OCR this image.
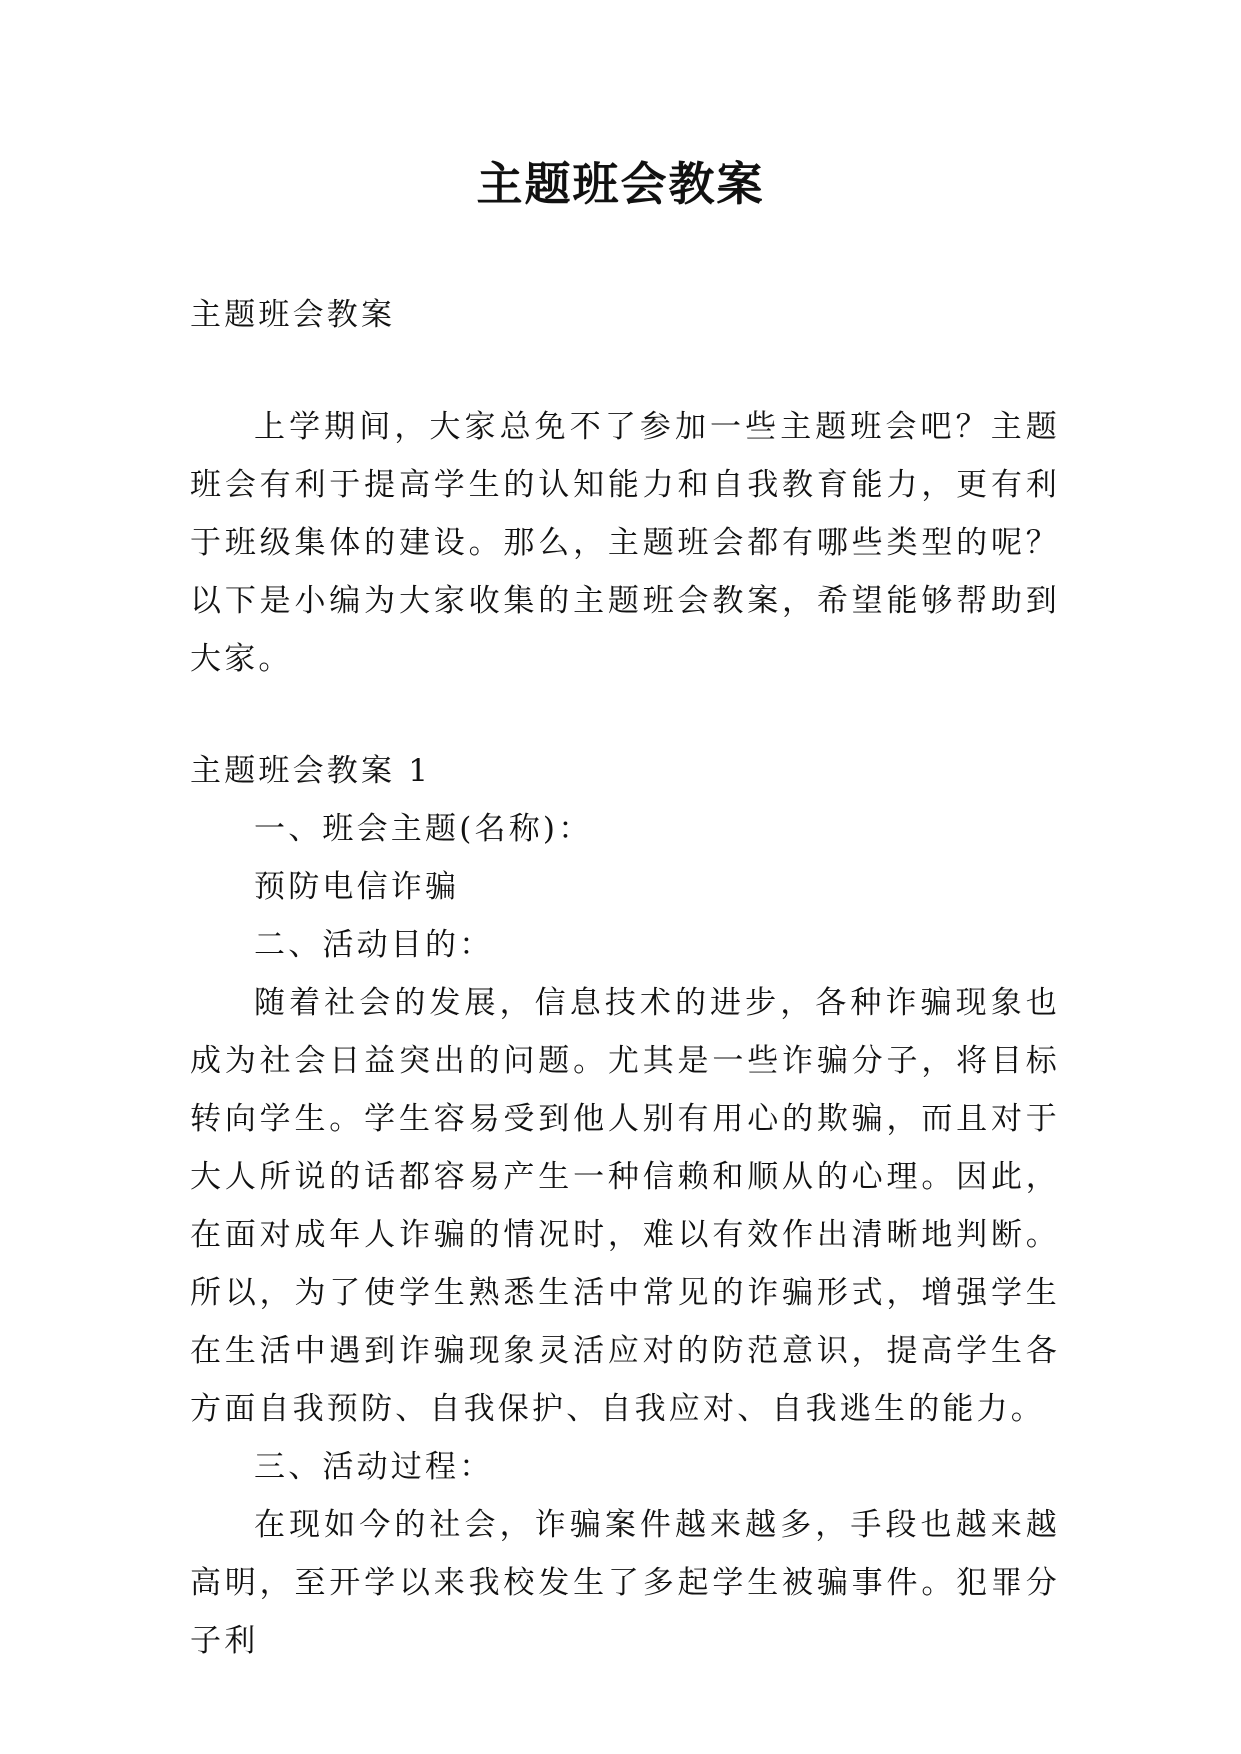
主题班会教案

主题班会教案

上学期间，大家总免不了参加一些主题班会吧？主题班会有利于提高学生的认知能力和自我教育能力，更有利于班级集体的建设。那么，主题班会都有哪些类型的呢？以下是小编为大家收集的主题班会教案，希望能够帮助到大家。

主题班会教案 1

一、班会主题(名称)：

预防电信诈骗

二、活动目的：

随着社会的发展，信息技术的进步，各种诈骗现象也成为社会日益突出的问题。尤其是一些诈骗分子，将目标转向学生。学生容易受到他人别有用心的欺骗，而且对于大人所说的话都容易产生一种信赖和顺从的心理。因此，在面对成年人诈骗的情况时，难以有效作出清晰地判断。所以，为了使学生熟悉生活中常见的诈骗形式，增强学生在生活中遇到诈骗现象灵活应对的防范意识，提高学生各方面自我预防、自我保护、自我应对、自我逃生的能力。

三、活动过程：

在现如今的社会，诈骗案件越来越多，手段也越来越高明，至开学以来我校发生了多起学生被骗事件。犯罪分子利
